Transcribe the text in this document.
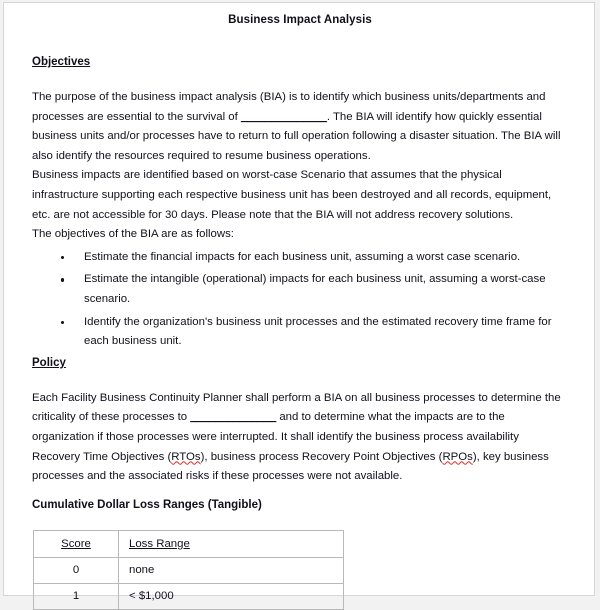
Business Impact Analysis
Objectives

The purpose of the business impact analysis (BIA) is to identify which business units/departments and processes are essential to the survival of ______________. The BIA will identify how quickly essential business units and/or processes have to return to full operation following a disaster situation. The BIA will also identify the resources required to resume business operations.

Business impacts are identified based on worst-case Scenario that assumes that the physical infrastructure supporting each respective business unit has been destroyed and all records, equipment, etc. are not accessible for 30 days. Please note that the BIA will not address recovery solutions.

The objectives of the BIA are as follows:

Estimate the financial impacts for each business unit, assuming a worst case scenario.
Estimate the intangible (operational) impacts for each business unit, assuming a worst-case scenario.
Identify the organization's business unit processes and the estimated recovery time frame for each business unit.
Policy

Each Facility Business Continuity Planner shall perform a BIA on all business processes to determine the criticality of these processes to ______________ and to determine what the impacts are to the organization if those processes were interrupted. It shall identify the business process availability Recovery Time Objectives (RTOs), business process Recovery Point Objectives (RPOs), key business processes and the associated risks if these processes were not available.

Cumulative Dollar Loss Ranges (Tangible)
Score	Loss Range
0	none
1	< $1,000
